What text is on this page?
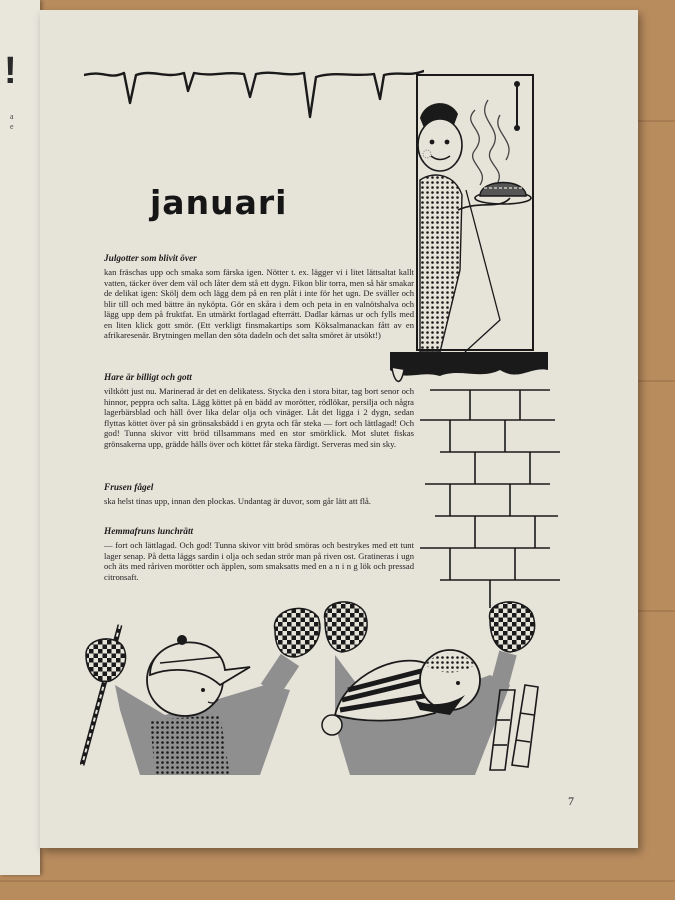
!
a
e
januari
Julgotter som blivit över

kan fräschas upp och smaka som färska igen. Nötter t. ex. lägger vi i litet lättsaltat kallt vatten, täcker över dem väl och låter dem stå ett dygn. Fikon blir torra, men så här smakar de delikat igen: Skölj dem och lägg dem på en ren plåt i inte för het ugn. De sväller och blir till och med bättre än nyköpta. Gör en skåra i dem och peta in en valnötshalva och lägg upp dem på fruktfat. En utmärkt fortlagad efterrätt. Dadlar kärnas ur och fylls med en liten klick gott smör. (Ett verkligt finsmakartips som Köksalmanackan fått av en afrikaresenär. Brytningen mellan den söta dadeln och det salta smöret är utsökt!)

Hare är billigt och gott

viltkött just nu. Marinerad är det en delikatess. Stycka den i stora bitar, tag bort senor och hinnor, peppra och salta. Lägg köttet på en bädd av morötter, rödlökar, persilja och några lagerbärsblad och häll över lika delar olja och vinäger. Låt det ligga i 2 dygn, sedan flyttas köttet över på sin grönsaksbädd i en gryta och får steka — fort och lättlagad! Och god! Tunna skivor vitt bröd tillsammans med en stor smörklick. Mot slutet fiskas grönsakerna upp, grädde hälls över och köttet får steka färdigt. Serveras med sin sky.

Frusen fågel

ska helst tinas upp, innan den plockas. Undantag är duvor, som går lätt att flå.

Hemmafruns lunchrätt

— fort och lättlagad. Och god! Tunna skivor vitt bröd smöras och bestrykes med ett tunt lager senap. På detta läggs sardin i olja och sedan strör man på riven ost. Gratineras i ugn och äts med råriven morötter och äpplen, som smaksatts med en a n i n g lök och pressad citronsaft.

7
